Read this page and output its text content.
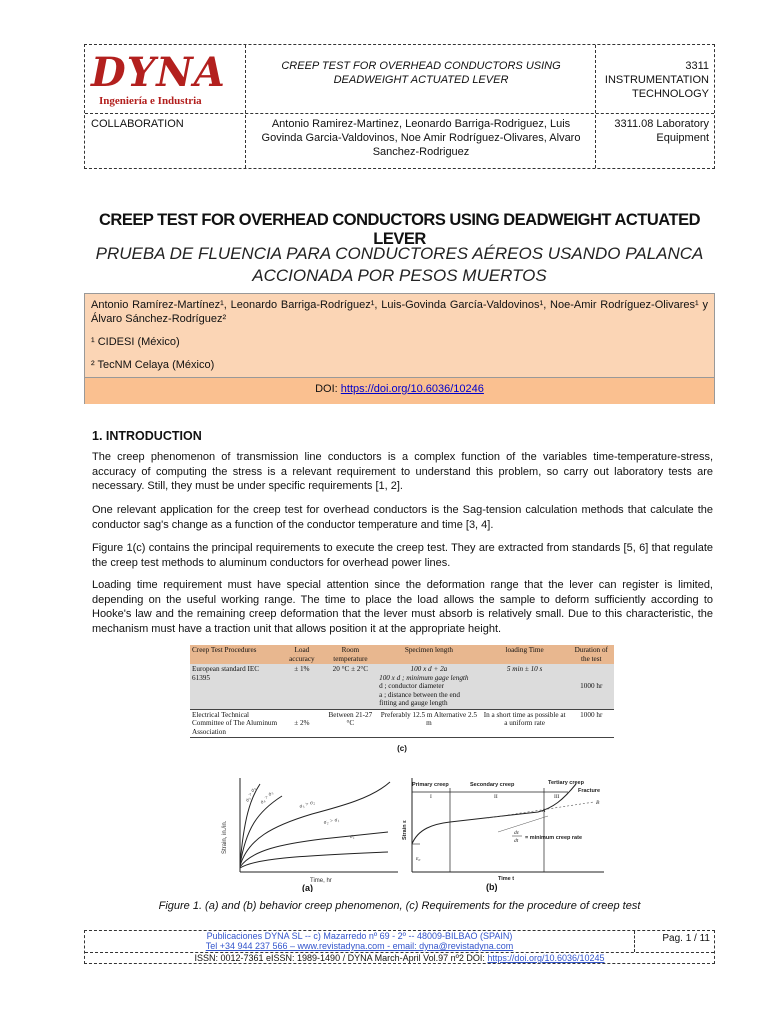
DYNA
Ingeniería e Industria
CREEP TEST FOR OVERHEAD CONDUCTORS USING DEADWEIGHT ACTUATED LEVER
3311
INSTRUMENTATION TECHNOLOGY
COLLABORATION	Antonio Ramirez-Martinez, Leonardo Barriga-Rodriguez, Luis Govinda Garcia-Valdovinos, Noe Amir Rodríguez-Olivares, Alvaro Sanchez-Rodriguez
3311.08 Laboratory Equipment
CREEP TEST FOR OVERHEAD CONDUCTORS USING DEADWEIGHT ACTUATED LEVER
PRUEBA DE FLUENCIA PARA CONDUCTORES AÉREOS USANDO PALANCA ACCIONADA POR PESOS MUERTOS
Antonio Ramírez-Martínez¹, Leonardo Barriga-Rodríguez¹, Luis-Govinda García-Valdovinos¹, Noe-Amir Rodríguez-Olivares¹ y
Álvaro Sánchez-Rodríguez²
¹ CIDESI (México)
² TecNM Celaya (México)
DOI: https://doi.org/10.6036/10246
1. INTRODUCTION
The creep phenomenon of transmission line conductors is a complex function of the variables time-temperature-stress, accuracy of computing the stress is a relevant requirement to understand this problem, so carry out laboratory tests are necessary. Still, they must be under specific requirements [1, 2].
One relevant application for the creep test for overhead conductors is the Sag-tension calculation methods that calculate the conductor sag's change as a function of the conductor temperature and time [3, 4].
Figure 1(c) contains the principal requirements to execute the creep test. They are extracted from standards [5, 6] that regulate the creep test methods to aluminum conductors for overhead power lines.
Loading time requirement must have special attention since the deformation range that the lever can register is limited, depending on the useful working range. The time to place the load allows the sample to deform sufficiently according to Hooke's law and the remaining creep deformation that the lever must absorb is relatively small. Due to this characteristic, the mechanism must have a traction unit that allows position it at the appropriate height.
Creep Test Procedures	Load accuracy	Room temperature	Specimen length	loading Time	Duration of the test
European standard IEC 61395	± 1%	20 °C ± 2°C	100 x d + 2a
100 x d ; minimum gage length
d ; conductor diameter
a ; distance between the end fitting and gauge length	5 min ± 10 s	1000 hr
Electrical Technical Committee of The Aluminum Association	± 2%	Between 21-27 °C	Preferably 12.5 m Alternative 2.5 m	In a short time as possible at a uniform rate	1000 hr
(c)
Strain, in./in.
Time, hr
σ₅ > σ₄ σ₄ > σ₃	σ₃ > σ₂
σ₂ > σ₁
σ₁
(a)
Primary creep	Secondary creep	Tertiary creep
I	II	III
Fracture
A
B
dε
dt = minimum creep rate
ε₀
Strain ε
Time t
(b)
Figure 1. (a) and (b) behavior creep phenomenon, (c) Requirements for the procedure of creep test
Publicaciones DYNA SL -- c) Mazarredo nº 69 - 2º -- 48009-BILBAO (SPAIN)
Tel +34 944 237 566 – www.revistadyna.com - email: dyna@revistadyna.com
Pag. 1 / 11
ISSN: 0012-7361 eISSN: 1989-1490 / DYNA March-April Vol.97 nº2 DOI: https://doi.org/10.6036/10245
